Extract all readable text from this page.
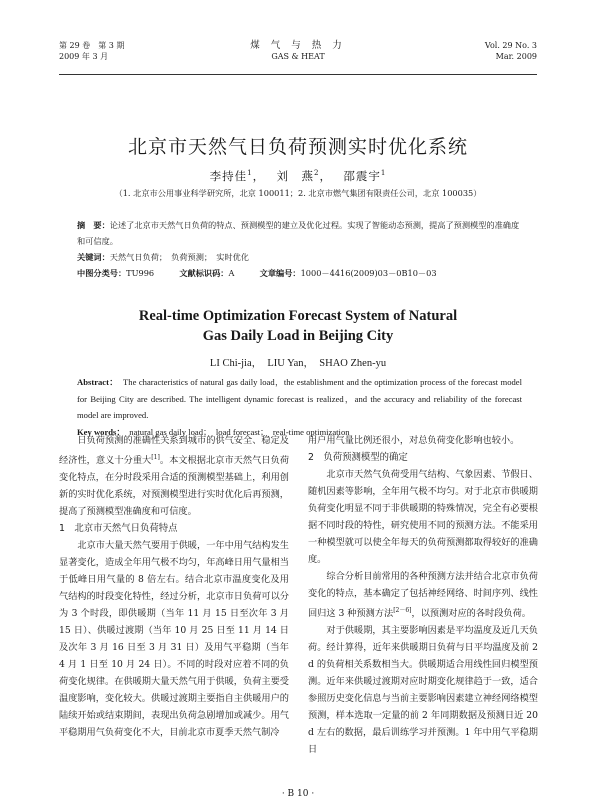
第 29 卷　第 3 期
2009 年 3 月
煤 气 与 热 力
GAS & HEAT
Vol. 29 No. 3
Mar. 2009
北京市天然气日负荷预测实时优化系统
李持佳$^1$，　 刘　燕$^2$，　 邵震宇$^1$
（1. 北京市公用事业科学研究所，北京 100011；2. 北京市燃气集团有限责任公司，北京 100035）
摘　要：论述了北京市天然气日负荷的特点、预测模型的建立及优化过程。实现了智能动态预测，提高了预测模型的准确度和可信度。
关键词：天然气日负荷；　负荷预测；　实时优化
中图分类号：TU996	文献标识码：A	文章编号：1000－4416(2009)03－0B10－03
Real-time Optimization Forecast System of Natural
Gas Daily Load in Beijing City
LI Chi-jia，　LIU Yan，　SHAO Zhen-yu
Abstract： The characteristics of natural gas daily load，the establishment and the optimization process of the forecast model for Beijing City are described. The intelligent dynamic forecast is realized，and the accuracy and reliability of the forecast model are improved.
Key words： natural gas daily load；　load forecast；　real-time optimization

日负荷预测的准确性关系到城市的供气安全、稳定及经济性，意义十分重大[1]。本文根据北京市天然气日负荷变化特点，在分时段采用合适的预测模型基础上，利用创新的实时优化系统，对预测模型进行实时优化后再预测，提高了预测模型准确度和可信度。

1　北京市天然气日负荷特点

北京市大量天然气要用于供暖，一年中用气结构发生显著变化，造成全年用气极不均匀，年高峰日用气量相当于低峰日用气量的 8 倍左右。结合北京市温度变化及用气结构的时段变化特性，经过分析，北京市日负荷可以分为 3 个时段，即供暖期（当年 11 月 15 日至次年 3 月 15 日）、供暖过渡期（当年 10 月 25 日至 11 月 14 日及次年 3 月 16 日至 3 月 31 日）及用气平稳期（当年 4 月 1 日至 10 月 24 日）。不同的时段对应着不同的负荷变化规律。在供暖期大量天然气用于供暖，负荷主要受温度影响，变化较大。供暖过渡期主要指自主供暖用户的陆续开始或结束期间，表现出负荷急剧增加或减少。用气平稳期用气负荷变化不大，目前北京市夏季天然气制冷

用户用气量比例还很小，对总负荷变化影响也较小。

2　负荷预测模型的确定

北京市天然气负荷受用气结构、气象因素、节假日、随机因素等影响，全年用气极不均匀。对于北京市供暖期负荷变化明显不同于非供暖期的特殊情况，完全有必要根据不同时段的特性，研究使用不同的预测方法。不能采用一种模型就可以使全年每天的负荷预测都取得较好的准确度。

综合分析目前常用的各种预测方法并结合北京市负荷变化的特点，基本确定了包括神经网络、时间序列、线性回归这 3 种预测方法[2－6]，以预测对应的各时段负荷。

对于供暖期，其主要影响因素是平均温度及近几天负荷。经计算得，近年来供暖期日负荷与日平均温度及前 2 d 的负荷相关系数相当大。供暖期适合用线性回归模型预测。近年来供暖过渡期对应时期变化规律趋于一致，适合参照历史变化信息与当前主要影响因素建立神经网络模型预测，样本选取一定量的前 2 年同期数据及预测日近 20 d 左右的数据，最后训练学习并预测。1 年中用气平稳期日

· B 10 ·
